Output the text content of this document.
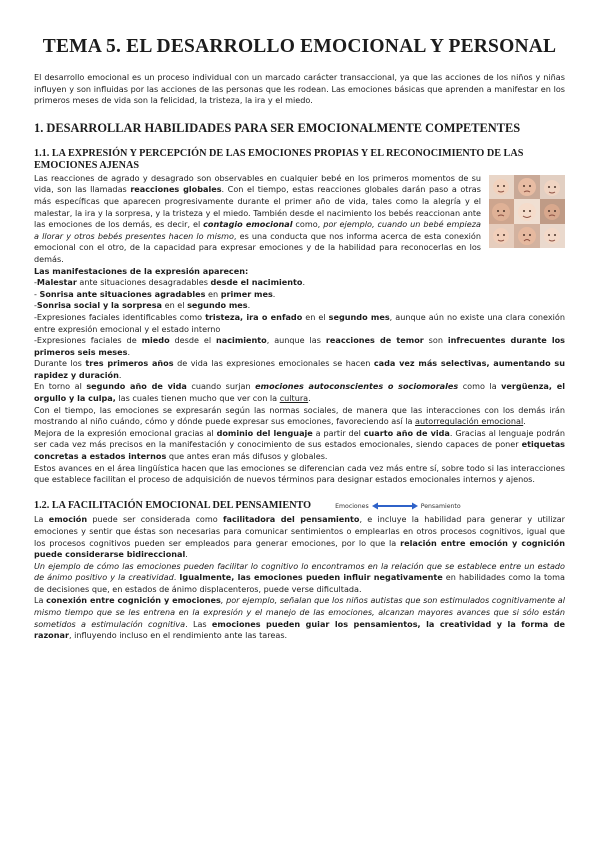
TEMA 5. EL DESARROLLO EMOCIONAL Y PERSONAL

El desarrollo emocional es un proceso individual con un marcado carácter transaccional, ya que las acciones de los niños y niñas influyen y son influidas por las acciones de las personas que les rodean. Las emociones básicas que aprenden a manifestar en los primeros meses de vida son la felicidad, la tristeza, la ira y el miedo.

1. DESARROLLAR HABILIDADES PARA SER EMOCIONALMENTE COMPETENTES
1.1. LA EXPRESIÓN Y PERCEPCIÓN DE LAS EMOCIONES PROPIAS Y EL RECONOCIMIENTO DE LAS EMOCIONES AJENAS

Las reacciones de agrado y desagrado son observables en cualquier bebé en los primeros momentos de su vida, son las llamadas reacciones globales. Con el tiempo, estas reacciones globales darán paso a otras más específicas que aparecen progresivamente durante el primer año de vida, tales como la alegría y el malestar, la ira y la sorpresa, y la tristeza y el miedo. También desde el nacimiento los bebés reaccionan ante las emociones de los demás, es decir, el contagio emocional como, por ejemplo, cuando un bebé empieza a llorar y otros bebés presentes hacen lo mismo, es una conducta que nos informa acerca de esta conexión emocional con el otro, de la capacidad para expresar emociones y de la habilidad para reconocerlas en los demás.

Las manifestaciones de la expresión aparecen:

-Malestar ante situaciones desagradables desde el nacimiento.

- Sonrisa ante situaciones agradables en primer mes.

-Sonrisa social y la sorpresa en el segundo mes.

-Expresiones faciales identificables como tristeza, ira o enfado en el segundo mes, aunque aún no existe una clara conexión entre expresión emocional y el estado interno

-Expresiones faciales de miedo desde el nacimiento, aunque las reacciones de temor son infrecuentes durante los primeros seis meses.

Durante los tres primeros años de vida las expresiones emocionales se hacen cada vez más selectivas, aumentando su rapidez y duración.

En torno al segundo año de vida cuando surjan emociones autoconscientes o sociomorales como la vergüenza, el orgullo y la culpa, las cuales tienen mucho que ver con la cultura.

Con el tiempo, las emociones se expresarán según las normas sociales, de manera que las interacciones con los demás irán mostrando al niño cuándo, cómo y dónde puede expresar sus emociones, favoreciendo así la autorregulación emocional.

Mejora de la expresión emocional gracias al dominio del lenguaje a partir del cuarto año de vida. Gracias al lenguaje podrán ser cada vez más precisos en la manifestación y conocimiento de sus estados emocionales, siendo capaces de poner etiquetas concretas a estados internos que antes eran más difusos y globales.

Estos avances en el área lingüística hacen que las emociones se diferencian cada vez más entre sí, sobre todo si las interacciones que establece facilitan el proceso de adquisición de nuevos términos para designar estados emocionales internos y ajenos.

1.2. LA FACILITACIÓN EMOCIONAL DEL PENSAMIENTO	Emociones	Pensamiento

La emoción puede ser considerada como facilitadora del pensamiento, e incluye la habilidad para generar y utilizar emociones y sentir que éstas son necesarias para comunicar sentimientos o emplearlas en otros procesos cognitivos, igual que los procesos cognitivos pueden ser empleados para generar emociones, por lo que la relación entre emoción y cognición puede considerarse bidireccional.

Un ejemplo de cómo las emociones pueden facilitar lo cognitivo lo encontramos en la relación que se establece entre un estado de ánimo positivo y la creatividad. Igualmente, las emociones pueden influir negativamente en habilidades como la toma de decisiones que, en estados de ánimo displacenteros, puede verse dificultada.

La conexión entre cognición y emociones, por ejemplo, señalan que los niños autistas que son estimulados cognitivamente al mismo tiempo que se les entrena en la expresión y el manejo de las emociones, alcanzan mayores avances que si sólo están sometidos a estimulación cognitiva. Las emociones pueden guiar los pensamientos, la creatividad y la forma de razonar, influyendo incluso en el rendimiento ante las tareas.
